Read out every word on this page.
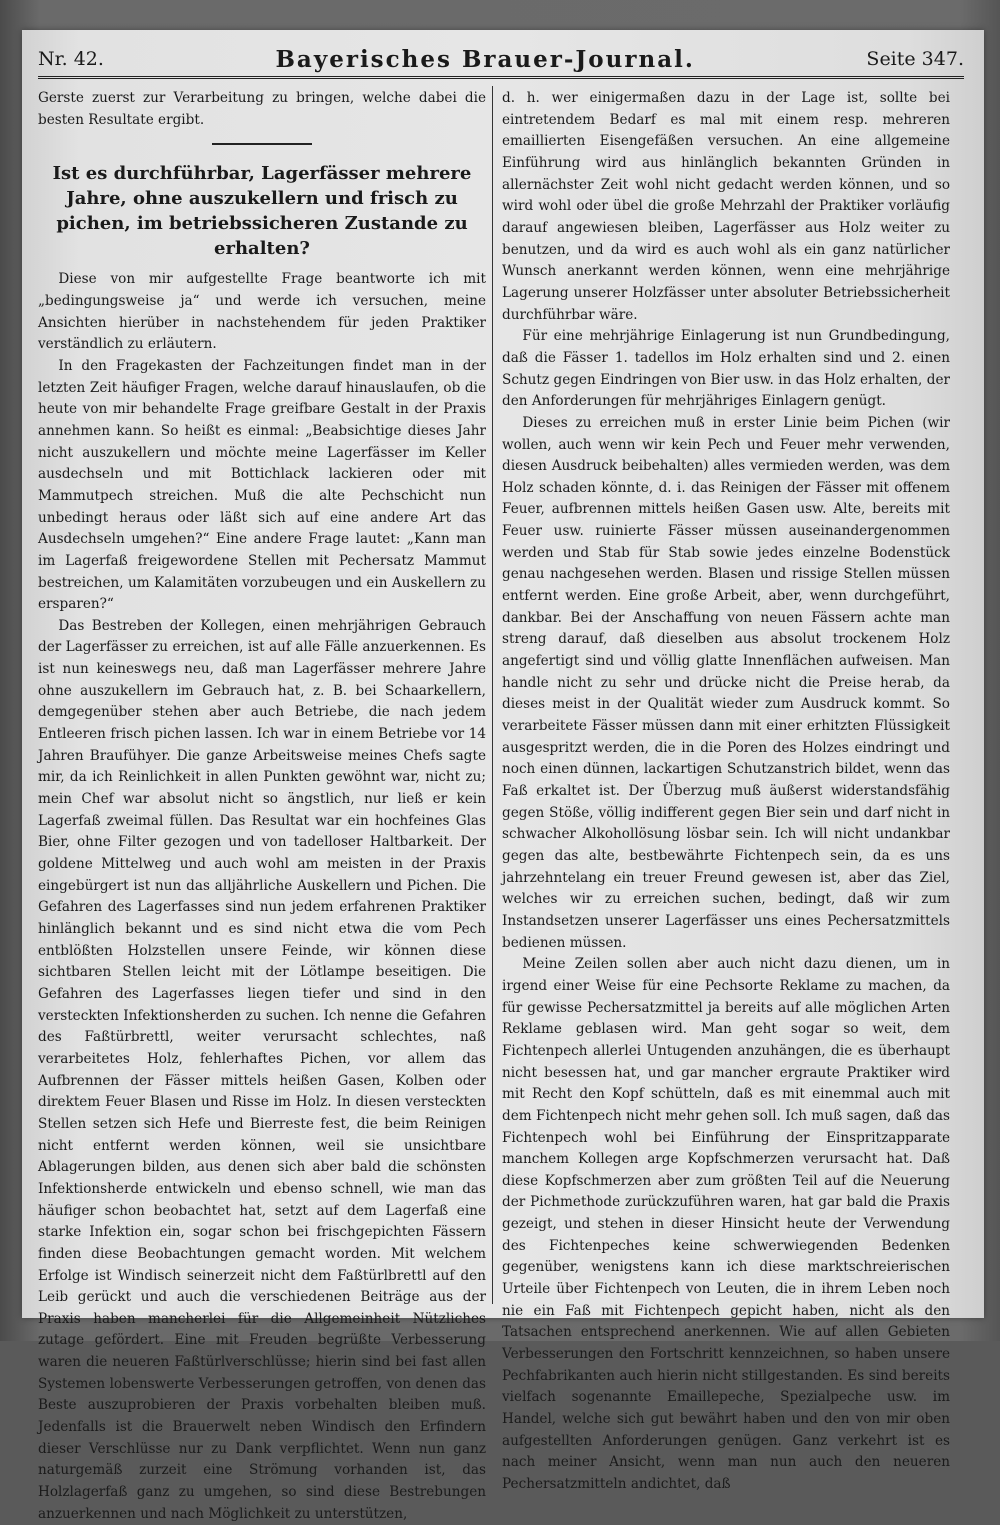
Nr. 42.	Bayerisches Brauer-Journal.	Seite 347.

Gerste zuerst zur Verarbeitung zu bringen, welche dabei die besten Resultate ergibt.

Ist es durchführbar, Lagerfässer mehrere Jahre, ohne auszukellern und frisch zu pichen, im betriebssicheren Zustande zu erhalten?

Diese von mir aufgestellte Frage beantworte ich mit „bedingungsweise ja“ und werde ich versuchen, meine Ansichten hierüber in nachstehendem für jeden Praktiker verständlich zu erläutern.

In den Fragekasten der Fachzeitungen findet man in der letzten Zeit häufiger Fragen, welche darauf hinauslaufen, ob die heute von mir behandelte Frage greifbare Gestalt in der Praxis annehmen kann. So heißt es einmal: „Beabsichtige dieses Jahr nicht auszukellern und möchte meine Lagerfässer im Keller ausdechseln und mit Bottichlack lackieren oder mit Mammutpech streichen. Muß die alte Pechschicht nun unbedingt heraus oder läßt sich auf eine andere Art das Ausdechseln umgehen?“ Eine andere Frage lautet: „Kann man im Lagerfaß freigewordene Stellen mit Pechersatz Mammut bestreichen, um Kalamitäten vorzubeugen und ein Auskellern zu ersparen?“

Das Bestreben der Kollegen, einen mehrjährigen Gebrauch der Lagerfässer zu erreichen, ist auf alle Fälle anzuerkennen. Es ist nun keineswegs neu, daß man Lagerfässer mehrere Jahre ohne auszukellern im Gebrauch hat, z. B. bei Schaarkellern, demgegenüber stehen aber auch Betriebe, die nach jedem Entleeren frisch pichen lassen. Ich war in einem Betriebe vor 14 Jahren Braufühyer. Die ganze Arbeitsweise meines Chefs sagte mir, da ich Reinlichkeit in allen Punkten gewöhnt war, nicht zu; mein Chef war absolut nicht so ängstlich, nur ließ er kein Lagerfaß zweimal füllen. Das Resultat war ein hochfeines Glas Bier, ohne Filter gezogen und von tadelloser Haltbarkeit. Der goldene Mittelweg und auch wohl am meisten in der Praxis eingebürgert ist nun das alljährliche Auskellern und Pichen. Die Gefahren des Lagerfasses sind nun jedem erfahrenen Praktiker hinlänglich bekannt und es sind nicht etwa die vom Pech entblößten Holzstellen unsere Feinde, wir können diese sichtbaren Stellen leicht mit der Lötlampe beseitigen. Die Gefahren des Lagerfasses liegen tiefer und sind in den versteckten Infektionsherden zu suchen. Ich nenne die Gefahren des Faßtürbrettl, weiter verursacht schlechtes, naß verarbeitetes Holz, fehlerhaftes Pichen, vor allem das Aufbrennen der Fässer mittels heißen Gasen, Kolben oder direktem Feuer Blasen und Risse im Holz. In diesen versteckten Stellen setzen sich Hefe und Bierreste fest, die beim Reinigen nicht entfernt werden können, weil sie unsichtbare Ablagerungen bilden, aus denen sich aber bald die schönsten Infektionsherde entwickeln und ebenso schnell, wie man das häufiger schon beobachtet hat, setzt auf dem Lagerfaß eine starke Infektion ein, sogar schon bei frischgepichten Fässern finden diese Beobachtungen gemacht worden. Mit welchem Erfolge ist Windisch seinerzeit nicht dem Faßtürlbrettl auf den Leib gerückt und auch die verschiedenen Beiträge aus der Praxis haben mancherlei für die Allgemeinheit Nützliches zutage gefördert. Eine mit Freuden begrüßte Verbesserung waren die neueren Faßtürlverschlüsse; hierin sind bei fast allen Systemen lobenswerte Verbesserungen getroffen, von denen das Beste auszuprobieren der Praxis vorbehalten bleiben muß. Jedenfalls ist die Brauerwelt neben Windisch den Erfindern dieser Verschlüsse nur zu Dank verpflichtet. Wenn nun ganz naturgemäß zurzeit eine Strömung vorhanden ist, das Holzlagerfaß ganz zu umgehen, so sind diese Bestrebungen anzuerkennen und nach Möglichkeit zu unterstützen,

d. h. wer einigermaßen dazu in der Lage ist, sollte bei eintretendem Bedarf es mal mit einem resp. mehreren emaillierten Eisengefäßen versuchen. An eine allgemeine Einführung wird aus hinlänglich bekannten Gründen in allernächster Zeit wohl nicht gedacht werden können, und so wird wohl oder übel die große Mehrzahl der Praktiker vorläufig darauf angewiesen bleiben, Lagerfässer aus Holz weiter zu benutzen, und da wird es auch wohl als ein ganz natürlicher Wunsch anerkannt werden können, wenn eine mehrjährige Lagerung unserer Holzfässer unter absoluter Betriebssicherheit durchführbar wäre.

Für eine mehrjährige Einlagerung ist nun Grundbedingung, daß die Fässer 1. tadellos im Holz erhalten sind und 2. einen Schutz gegen Eindringen von Bier usw. in das Holz erhalten, der den Anforderungen für mehrjähriges Einlagern genügt.

Dieses zu erreichen muß in erster Linie beim Pichen (wir wollen, auch wenn wir kein Pech und Feuer mehr verwenden, diesen Ausdruck beibehalten) alles vermieden werden, was dem Holz schaden könnte, d. i. das Reinigen der Fässer mit offenem Feuer, aufbrennen mittels heißen Gasen usw. Alte, bereits mit Feuer usw. ruinierte Fässer müssen auseinandergenommen werden und Stab für Stab sowie jedes einzelne Bodenstück genau nachgesehen werden. Blasen und rissige Stellen müssen entfernt werden. Eine große Arbeit, aber, wenn durchgeführt, dankbar. Bei der Anschaffung von neuen Fässern achte man streng darauf, daß dieselben aus absolut trockenem Holz angefertigt sind und völlig glatte Innenflächen aufweisen. Man handle nicht zu sehr und drücke nicht die Preise herab, da dieses meist in der Qualität wieder zum Ausdruck kommt. So verarbeitete Fässer müssen dann mit einer erhitzten Flüssigkeit ausgespritzt werden, die in die Poren des Holzes eindringt und noch einen dünnen, lackartigen Schutzanstrich bildet, wenn das Faß erkaltet ist. Der Überzug muß äußerst widerstandsfähig gegen Stöße, völlig indifferent gegen Bier sein und darf nicht in schwacher Alkohollösung lösbar sein. Ich will nicht undankbar gegen das alte, bestbewährte Fichtenpech sein, da es uns jahrzehntelang ein treuer Freund gewesen ist, aber das Ziel, welches wir zu erreichen suchen, bedingt, daß wir zum Instandsetzen unserer Lagerfässer uns eines Pechersatzmittels bedienen müssen.

Meine Zeilen sollen aber auch nicht dazu dienen, um in irgend einer Weise für eine Pechsorte Reklame zu machen, da für gewisse Pechersatzmittel ja bereits auf alle möglichen Arten Reklame geblasen wird. Man geht sogar so weit, dem Fichtenpech allerlei Untugenden anzuhängen, die es überhaupt nicht besessen hat, und gar mancher ergraute Praktiker wird mit Recht den Kopf schütteln, daß es mit einemmal auch mit dem Fichtenpech nicht mehr gehen soll. Ich muß sagen, daß das Fichtenpech wohl bei Einführung der Einspritzapparate manchem Kollegen arge Kopfschmerzen verursacht hat. Daß diese Kopfschmerzen aber zum größten Teil auf die Neuerung der Pichmethode zurückzuführen waren, hat gar bald die Praxis gezeigt, und stehen in dieser Hinsicht heute der Verwendung des Fichtenpeches keine schwerwiegenden Bedenken gegenüber, wenigstens kann ich diese marktschreierischen Urteile über Fichtenpech von Leuten, die in ihrem Leben noch nie ein Faß mit Fichtenpech gepicht haben, nicht als den Tatsachen entsprechend anerkennen. Wie auf allen Gebieten Verbesserungen den Fortschritt kennzeichnen, so haben unsere Pechfabrikanten auch hierin nicht stillgestanden. Es sind bereits vielfach sogenannte Emaillepeche, Spezialpeche usw. im Handel, welche sich gut bewährt haben und den von mir oben aufgestellten Anforderungen genügen. Ganz verkehrt ist es nach meiner Ansicht, wenn man nun auch den neueren Pechersatzmitteln andichtet, daß
